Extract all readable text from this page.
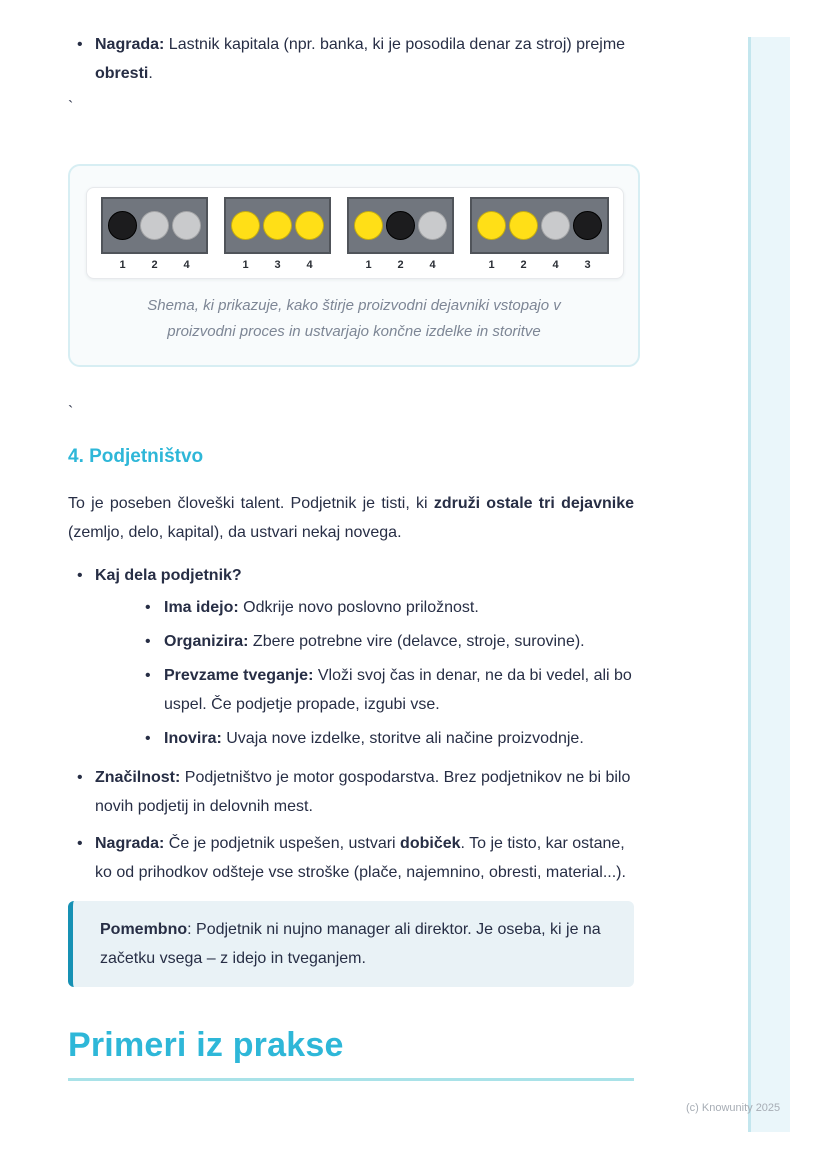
• Nagrada: Lastnik kapitala (npr. banka, ki je posodila denar za stroj) prejme obresti.
`
1	2	4	1	3	4	1	2	4	1	2	4	3
Shema, ki prikazuje, kako štirje proizvodni dejavniki vstopajo v proizvodni proces in ustvarjajo končne izdelke in storitve
`
4. Podjetništvo

To je poseben človeški talent. Podjetnik je tisti, ki združi ostale tri dejavnike (zemljo, delo, kapital), da ustvari nekaj novega.

• Kaj dela podjetnik?
• Ima idejo: Odkrije novo poslovno priložnost.
• Organizira: Zbere potrebne vire (delavce, stroje, surovine).
• Prevzame tveganje: Vloži svoj čas in denar, ne da bi vedel, ali bo uspel. Če podjetje propade, izgubi vse.
• Inovira: Uvaja nove izdelke, storitve ali načine proizvodnje.
• Značilnost: Podjetništvo je motor gospodarstva. Brez podjetnikov ne bi bilo novih podjetij in delovnih mest.
• Nagrada: Če je podjetnik uspešen, ustvari dobiček. To je tisto, kar ostane, ko od prihodkov odšteje vse stroške (plače, najemnino, obresti, material...).
Pomembno: Podjetnik ni nujno manager ali direktor. Je oseba, ki je na začetku vsega – z idejo in tveganjem.
Primeri iz prakse
(c) Knowunity 2025
